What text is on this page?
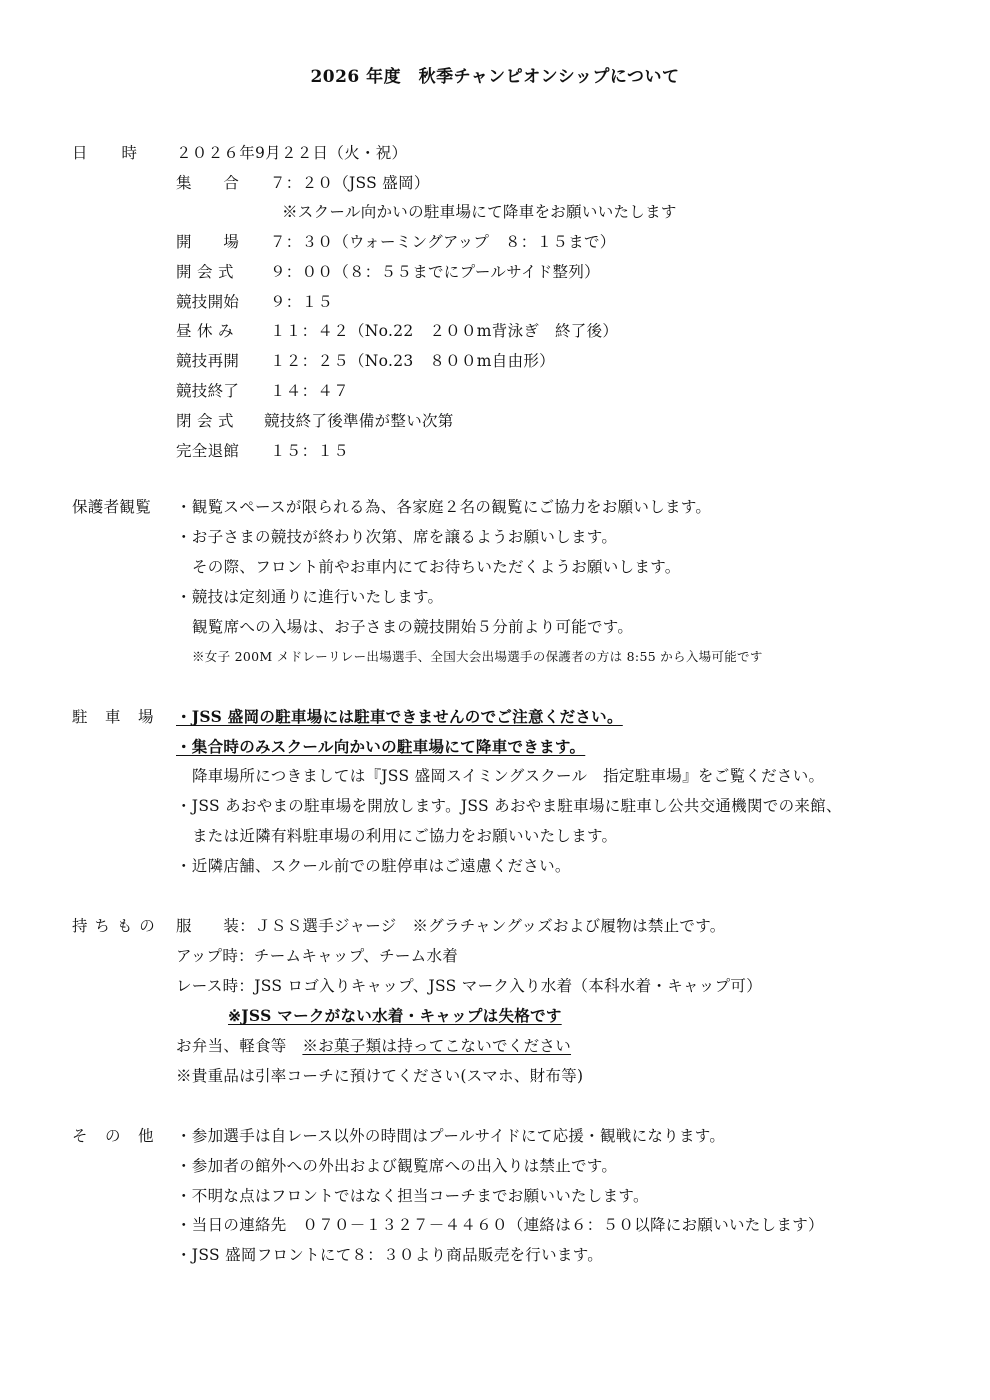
2026 年度　秋季チャンピオンシップについて
日　　時 ２０２６年9月２２日（火・祝）
集　　合 ７：２０（JSS 盛岡）
※スクール向かいの駐車場にて降車をお願いいたします
開　　場 ７：３０（ウォーミングアップ　８：１５まで）
開 会 式 ９：００（８：５５までにプールサイド整列）
競技開始 ９：１５
昼 休 み １１：４２（No.22　２００m背泳ぎ　終了後）
競技再開 １２：２５（No.23　８００m自由形）
競技終了 １４：４７
閉 会 式 競技終了後準備が整い次第
完全退館 １５：１５
保護者観覧 ・観覧スペースが限られる為、各家庭２名の観覧にご協力をお願いします。
・お子さまの競技が終わり次第、席を譲るようお願いします。
その際、フロント前やお車内にてお待ちいただくようお願いします。
・競技は定刻通りに進行いたします。
観覧席への入場は、お子さまの競技開始５分前より可能です。
※女子 200M メドレーリレー出場選手、全国大会出場選手の保護者の方は 8:55 から入場可能です
駐　車　場 ・JSS 盛岡の駐車場には駐車できませんのでご注意ください。
・集合時のみスクール向かいの駐車場にて降車できます。
降車場所につきましては『JSS 盛岡スイミングスクール　指定駐車場』をご覧ください。
・JSS あおやまの駐車場を開放します。JSS あおやま駐車場に駐車し公共交通機関での来館、
または近隣有料駐車場の利用にご協力をお願いいたします。
・近隣店舗、スクール前での駐停車はご遠慮ください。
持 ち も の 服　　装：ＪＳＳ選手ジャージ　※グラチャングッズおよび履物は禁止です。
アップ時：チームキャップ、チーム水着
レース時：JSS ロゴ入りキャップ、JSS マーク入り水着（本科水着・キャップ可）
※JSS マークがない水着・キャップは失格です
お弁当、軽食等　※お菓子類は持ってこないでください
※貴重品は引率コーチに預けてください(スマホ、財布等)
そ　の　他 ・参加選手は自レース以外の時間はプールサイドにて応援・観戦になります。
・参加者の館外への外出および観覧席への出入りは禁止です。
・不明な点はフロントではなく担当コーチまでお願いいたします。
・当日の連絡先　０７０－１３２７－４４６０（連絡は６：５０以降にお願いいたします）
・JSS 盛岡フロントにて８：３０より商品販売を行います。
